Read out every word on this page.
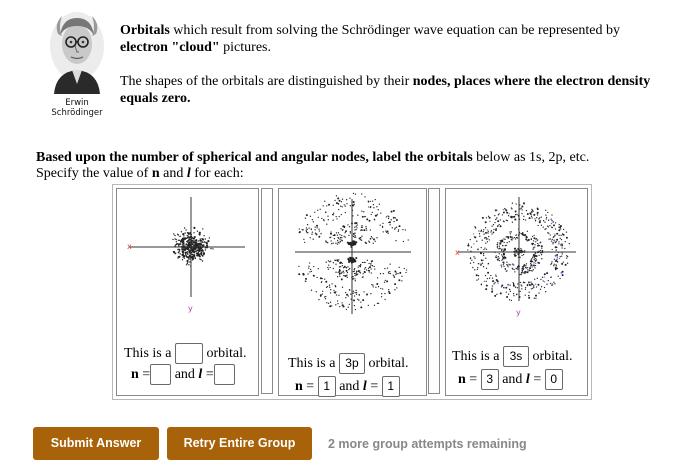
Erwin
Schrödinger

Orbitals which result from solving the Schrödinger wave equation can be represented by electron "cloud" pictures.

The shapes of the orbitals are distinguished by their nodes, places where the electron density equals zero.

Based upon the number of spherical and angular nodes, label the orbitals below as 1s, 2p, etc.

Specify the value of n and l for each:

x
y
This is a

	orbital.
n
=
and
l
=
This is a
3p
orbital.
n
=
1
and
l
=
1
x
y
This is a
3s
orbital.
n
=
3
and
l
=
0
Submit Answer	Retry Entire Group	2 more group attempts remaining
